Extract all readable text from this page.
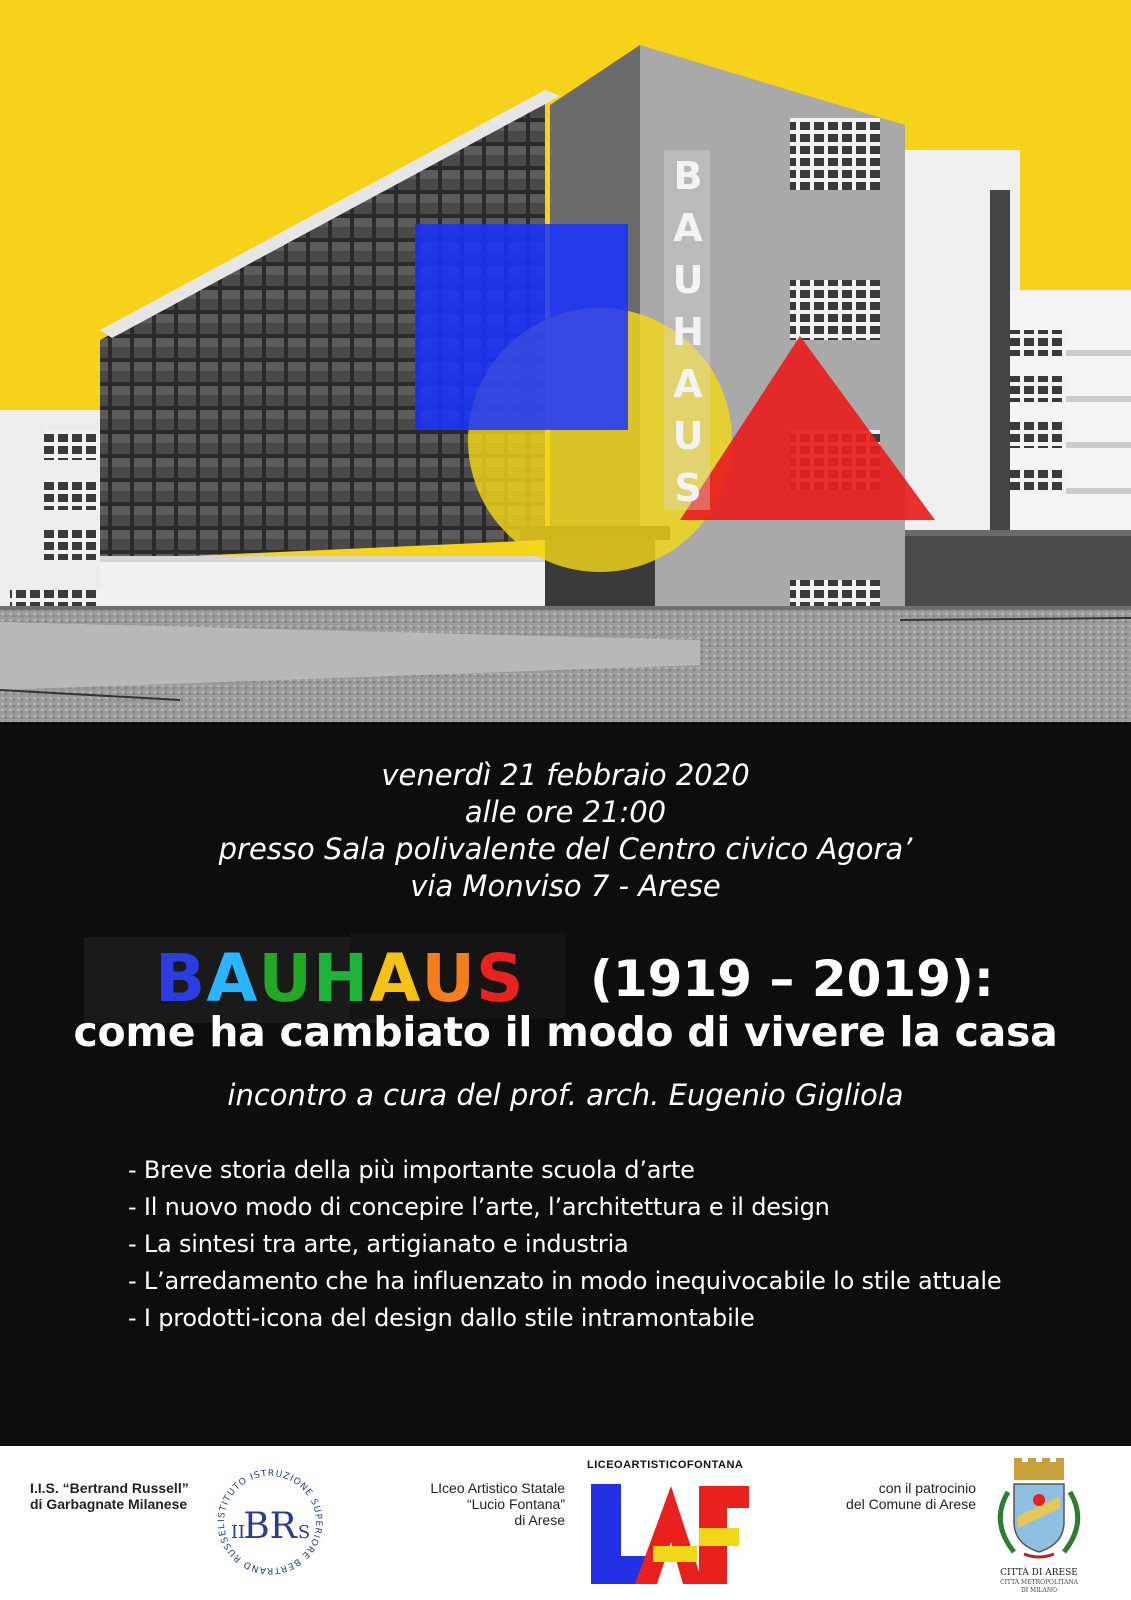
BAUHAUS
venerdì 21 febbraio 2020
alle ore 21:00
presso Sala polivalente del Centro civico Agora’
via Monviso 7 - Arese
BAUHAUS (1919 – 2019):
come ha cambiato il modo di vivere la casa
incontro a cura del prof. arch. Eugenio Gigliola
- Breve storia della più importante scuola d’arte
- Il nuovo modo di concepire l’arte, l’architettura e il design
- La sintesi tra arte, artigianato e industria
- L’arredamento che ha influenzato in modo inequivocabile lo stile attuale
- I prodotti-icona del design dallo stile intramontabile
I.I.S. “Bertrand Russell”
di Garbagnate Milanese
ISTITUTO ISTRUZIONE SUPERIORE BERTRAND RUSSEL BR
II	S
LIceo Artistico Statale
“Lucio Fontana”
di Arese
LICEOARTISTICOFONTANA
con il patrocinio
del Comune di Arese
CITTÀ DI ARESE
CITTÀ METROPOLITANA
DI MILANO
